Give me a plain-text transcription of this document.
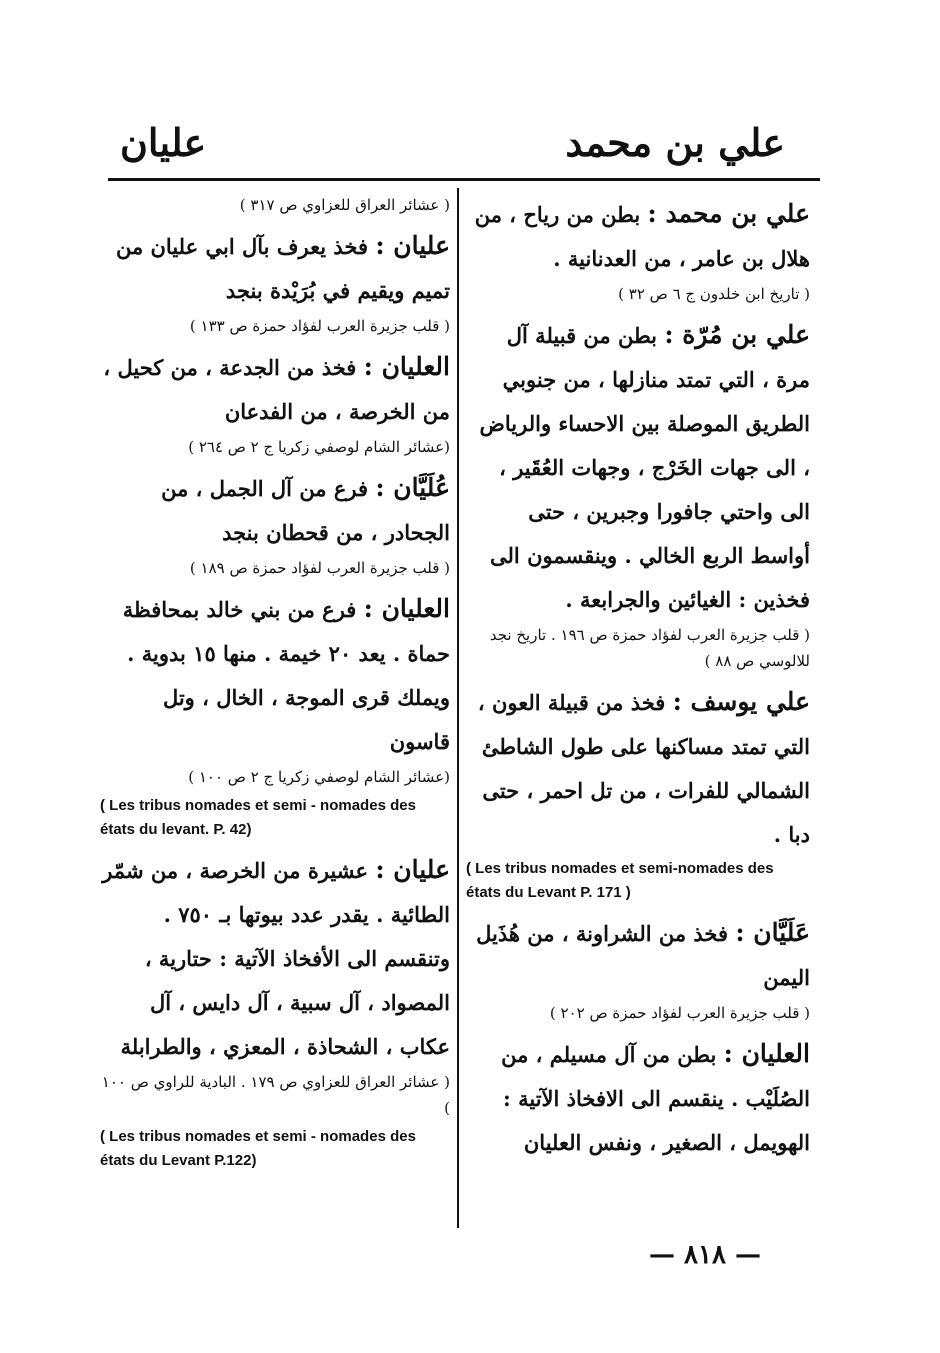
علي بن محمد
عليان

علي بن محمد : بطن من رياح ، من هلال بن عامر ، من العدنانية .

( تاريخ ابن خلدون ج ٦ ص ٣٢ )

علي بن مُرّة : بطن من قبيلة آل مرة ، التي تمتد منازلها ، من جنوبي الطريق الموصلة بين الاحساء والرياض ، الى جهات الخَرْج ، وجهات العُقَير ، الى واحتي جافورا وجبرين ، حتى أواسط الربع الخالي . وينقسمون الى فخذين : الغيائين والجرابعة .

( قلب جزيرة العرب لفؤاد حمزة ص ١٩٦ . تاريخ نجد للالوسي ص ٨٨ )

علي يوسف : فخذ من قبيلة العون ، التي تمتد مساكنها على طول الشاطئ الشمالي للفرات ، من تل احمر ، حتى دبا .

( Les tribus nomades et semi-nomades des états du Levant P. 171 )

عَلَيَّان : فخذ من الشراونة ، من هُذَيل اليمن

( قلب جزيرة العرب لفؤاد حمزة ص ٢٠٢ )

العليان : بطن من آل مسيلم ، من الصُلَيْب . ينقسم الى الافخاذ الآتية : الهويمل ، الصغير ، ونفس العليان

( عشائر العراق للعزاوي ص ٣١٧ )

عليان : فخذ يعرف بآل ابي عليان من تميم ويقيم في بُرَيْدة بنجد

( قلب جزيرة العرب لفؤاد حمزة ص ١٣٣ )

العليان : فخذ من الجدعة ، من كحيل ، من الخرصة ، من الفدعان

(عشائر الشام لوصفي زكريا ج ٢ ص ٢٦٤ )

عُلَيَّان : فرع من آل الجمل ، من الجحادر ، من قحطان بنجد

( قلب جزيرة العرب لفؤاد حمزة ص ١٨٩ )

العليان : فرع من بني خالد بمحافظة حماة . يعد ٢٠ خيمة . منها ١٥ بدوية . ويملك قرى الموجة ، الخال ، وتل قاسون

(عشائر الشام لوصفي زكريا ج ٢ ص ١٠٠ )

( Les tribus nomades et semi - nomades des états du levant. P. 42)

عليان : عشيرة من الخرصة ، من شمّر الطائية . يقدر عدد بيوتها بـ ٧٥٠ . وتنقسم الى الأفخاذ الآتية : حتارية ، المصواد ، آل سبية ، آل دايس ، آل عكاب ، الشحاذة ، المعزي ، والطرابلة

( عشائر العراق للعزاوي ص ١٧٩ . البادية للراوي ص ١٠٠ )

( Les tribus nomades et semi - nomades des états du Levant P.122)

— ٨١٨ —
